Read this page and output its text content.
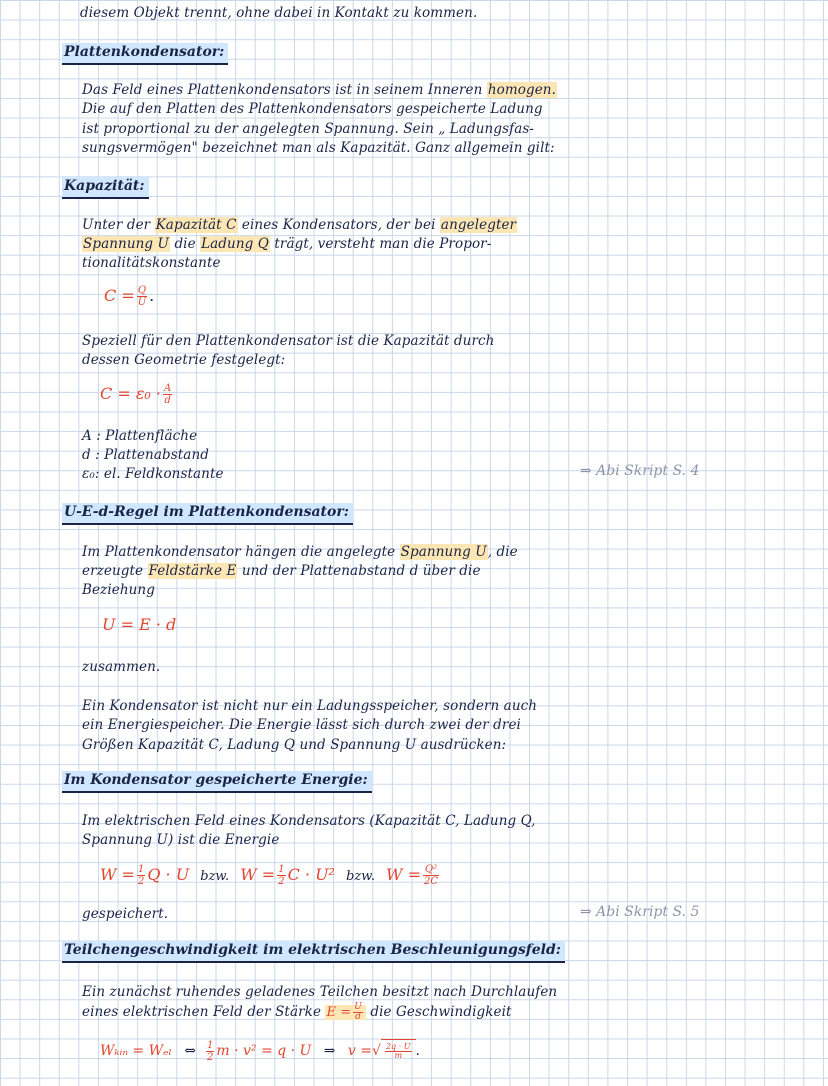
diesem Objekt trennt, ohne dabei in Kontakt zu kommen.
Plattenkondensator:
Das Feld eines Plattenkondensators ist in seinem Inneren homogen.
Die auf den Platten des Plattenkondensators gespeicherte Ladung
ist proportional zu der angelegten Spannung. Sein „ Ladungsfas-
sungsvermögen" bezeichnet man als Kapazität. Ganz allgemein gilt:
Kapazität:
Unter der Kapazität C eines Kondensators, der bei angelegter
Spannung U die Ladung Q trägt, versteht man die Propor-
tionalitätskonstante
$C = \frac{Q}{U}$ .
Speziell für den Plattenkondensator ist die Kapazität durch
dessen Geometrie festgelegt:
$C = \varepsilon_0 \cdot \frac{A}{d}$
A : Plattenfläche
d : Plattenabstand
ε₀: el. Feldkonstante	⇒ Abi Skript S. 4
U-E-d-Regel im Plattenkondensator:
Im Plattenkondensator hängen die angelegte Spannung U, die
erzeugte Feldstärke E und der Plattenabstand d über die
Beziehung
U = E · d
zusammen.
Ein Kondensator ist nicht nur ein Ladungsspeicher, sondern auch
ein Energiespeicher. Die Energie lässt sich durch zwei der drei
Größen Kapazität C, Ladung Q und Spannung U ausdrücken:
Im Kondensator gespeicherte Energie:
Im elektrischen Feld eines Kondensators (Kapazität C, Ladung Q,
Spannung U) ist die Energie
$W = \frac{1}{2}$ Q · U bzw. $W = \frac{1}{2}$ C · U² bzw. $W = \frac{\text{Q²}}{2C}$
gespeichert.	⇒ Abi Skript S. 5
Teilchengeschwindigkeit im elektrischen Beschleunigungsfeld:
Ein zunächst ruhendes geladenes Teilchen besitzt nach Durchlaufen
eines elektrischen Feld der Stärke $E = \frac{U}{d}$ die Geschwindigkeit
Wₖᵢₙ = Wₑₗ ⇔ $\frac{1}{2}$ m · v² = q · U ⇒ v =√ $\frac{2q \cdot U}{m}$ .
